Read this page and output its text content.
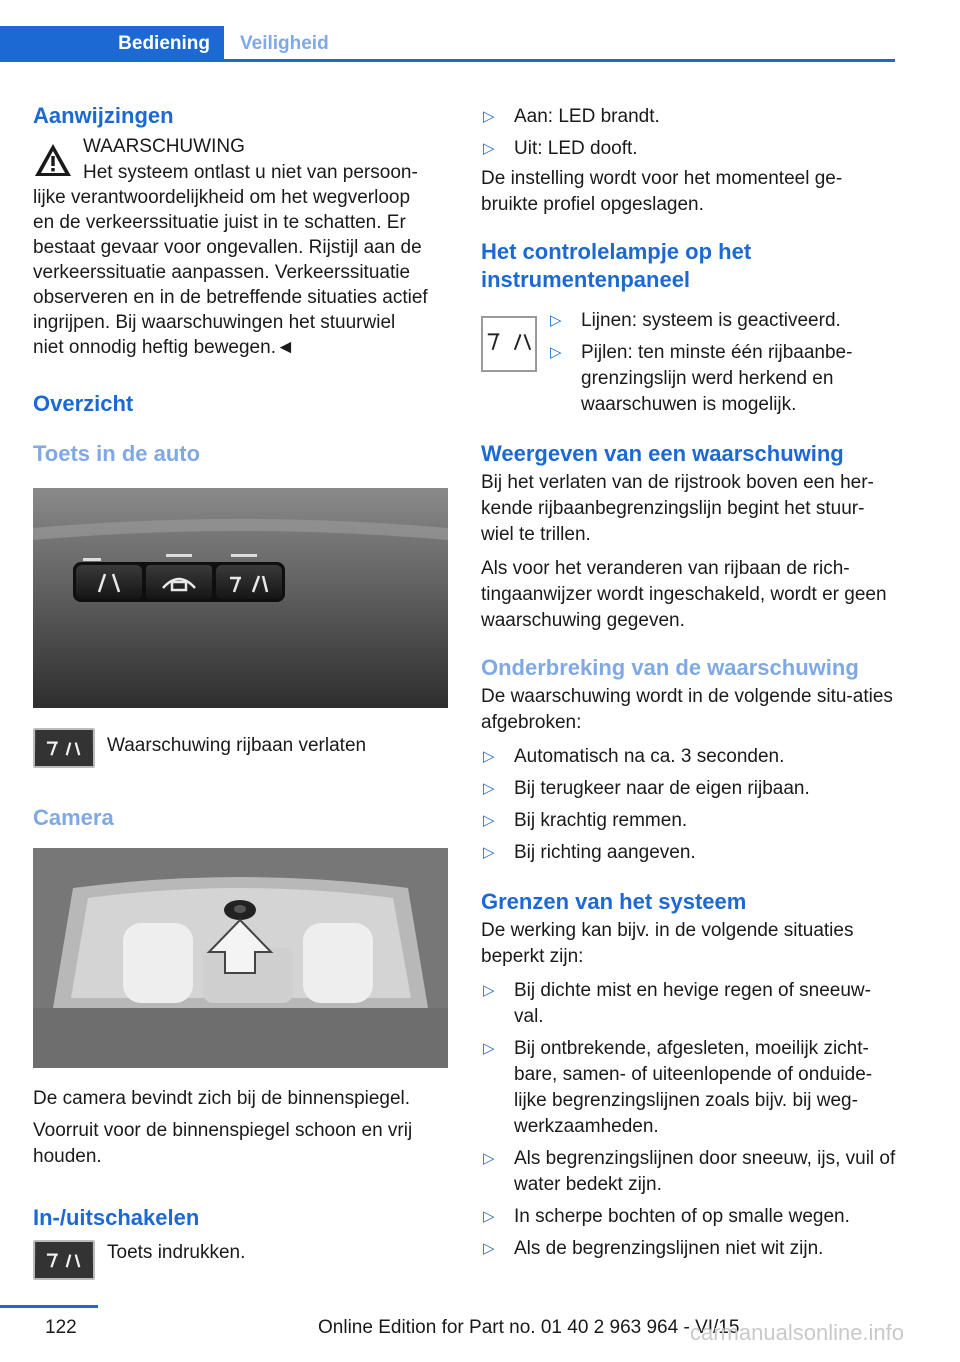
Bediening	Veiligheid
Aanwijzingen
WAARSCHUWING
Het systeem ontlast u niet van persoon-
lijke verantwoordelijkheid om het wegverloop
en de verkeerssituatie juist in te schatten. Er
bestaat gevaar voor ongevallen. Rijstijl aan de
verkeerssituatie aanpassen. Verkeerssituatie
observeren en in de betreffende situaties actief
ingrijpen. Bij waarschuwingen het stuurwiel
niet onnodig heftig bewegen.◄
Overzicht
Toets in de auto
Waarschuwing rijbaan verlaten
Camera

De camera bevindt zich bij de binnenspiegel.

Voorruit voor de binnenspiegel schoon en vrij houden.

In-/uitschakelen
Toets indrukken.
▷ Aan: LED brandt.
▷ Uit: LED dooft.

De instelling wordt voor het momenteel ge-bruikte profiel opgeslagen.

Het controlelampje op het instrumentenpaneel
▷ Lijnen: systeem is geactiveerd.
▷ Pijlen: ten minste één rijbaanbe-grenzingslijn werd herkend en waarschuwen is mogelijk.
Weergeven van een waarschuwing

Bij het verlaten van de rijstrook boven een her-kende rijbaanbegrenzingslijn begint het stuur-wiel te trillen.

Als voor het veranderen van rijbaan de rich-tingaanwijzer wordt ingeschakeld, wordt er geen waarschuwing gegeven.

Onderbreking van de waarschuwing

De waarschuwing wordt in de volgende situ-aties afgebroken:

▷ Automatisch na ca. 3 seconden.
▷ Bij terugkeer naar de eigen rijbaan.
▷ Bij krachtig remmen.
▷ Bij richting aangeven.
Grenzen van het systeem

De werking kan bijv. in de volgende situaties beperkt zijn:

▷ Bij dichte mist en hevige regen of sneeuw-val.
▷ Bij ontbrekende, afgesleten, moeilijk zicht-bare, samen- of uiteenlopende of onduide-lijke begrenzingslijnen zoals bijv. bij weg-werkzaamheden.
▷ Als begrenzingslijnen door sneeuw, ijs, vuil of water bedekt zijn.
▷ In scherpe bochten of op smalle wegen.
▷ Als de begrenzingslijnen niet wit zijn.
122	Online Edition for Part no. 01 40 2 963 964 - VI/15
carmanualsonline.info
